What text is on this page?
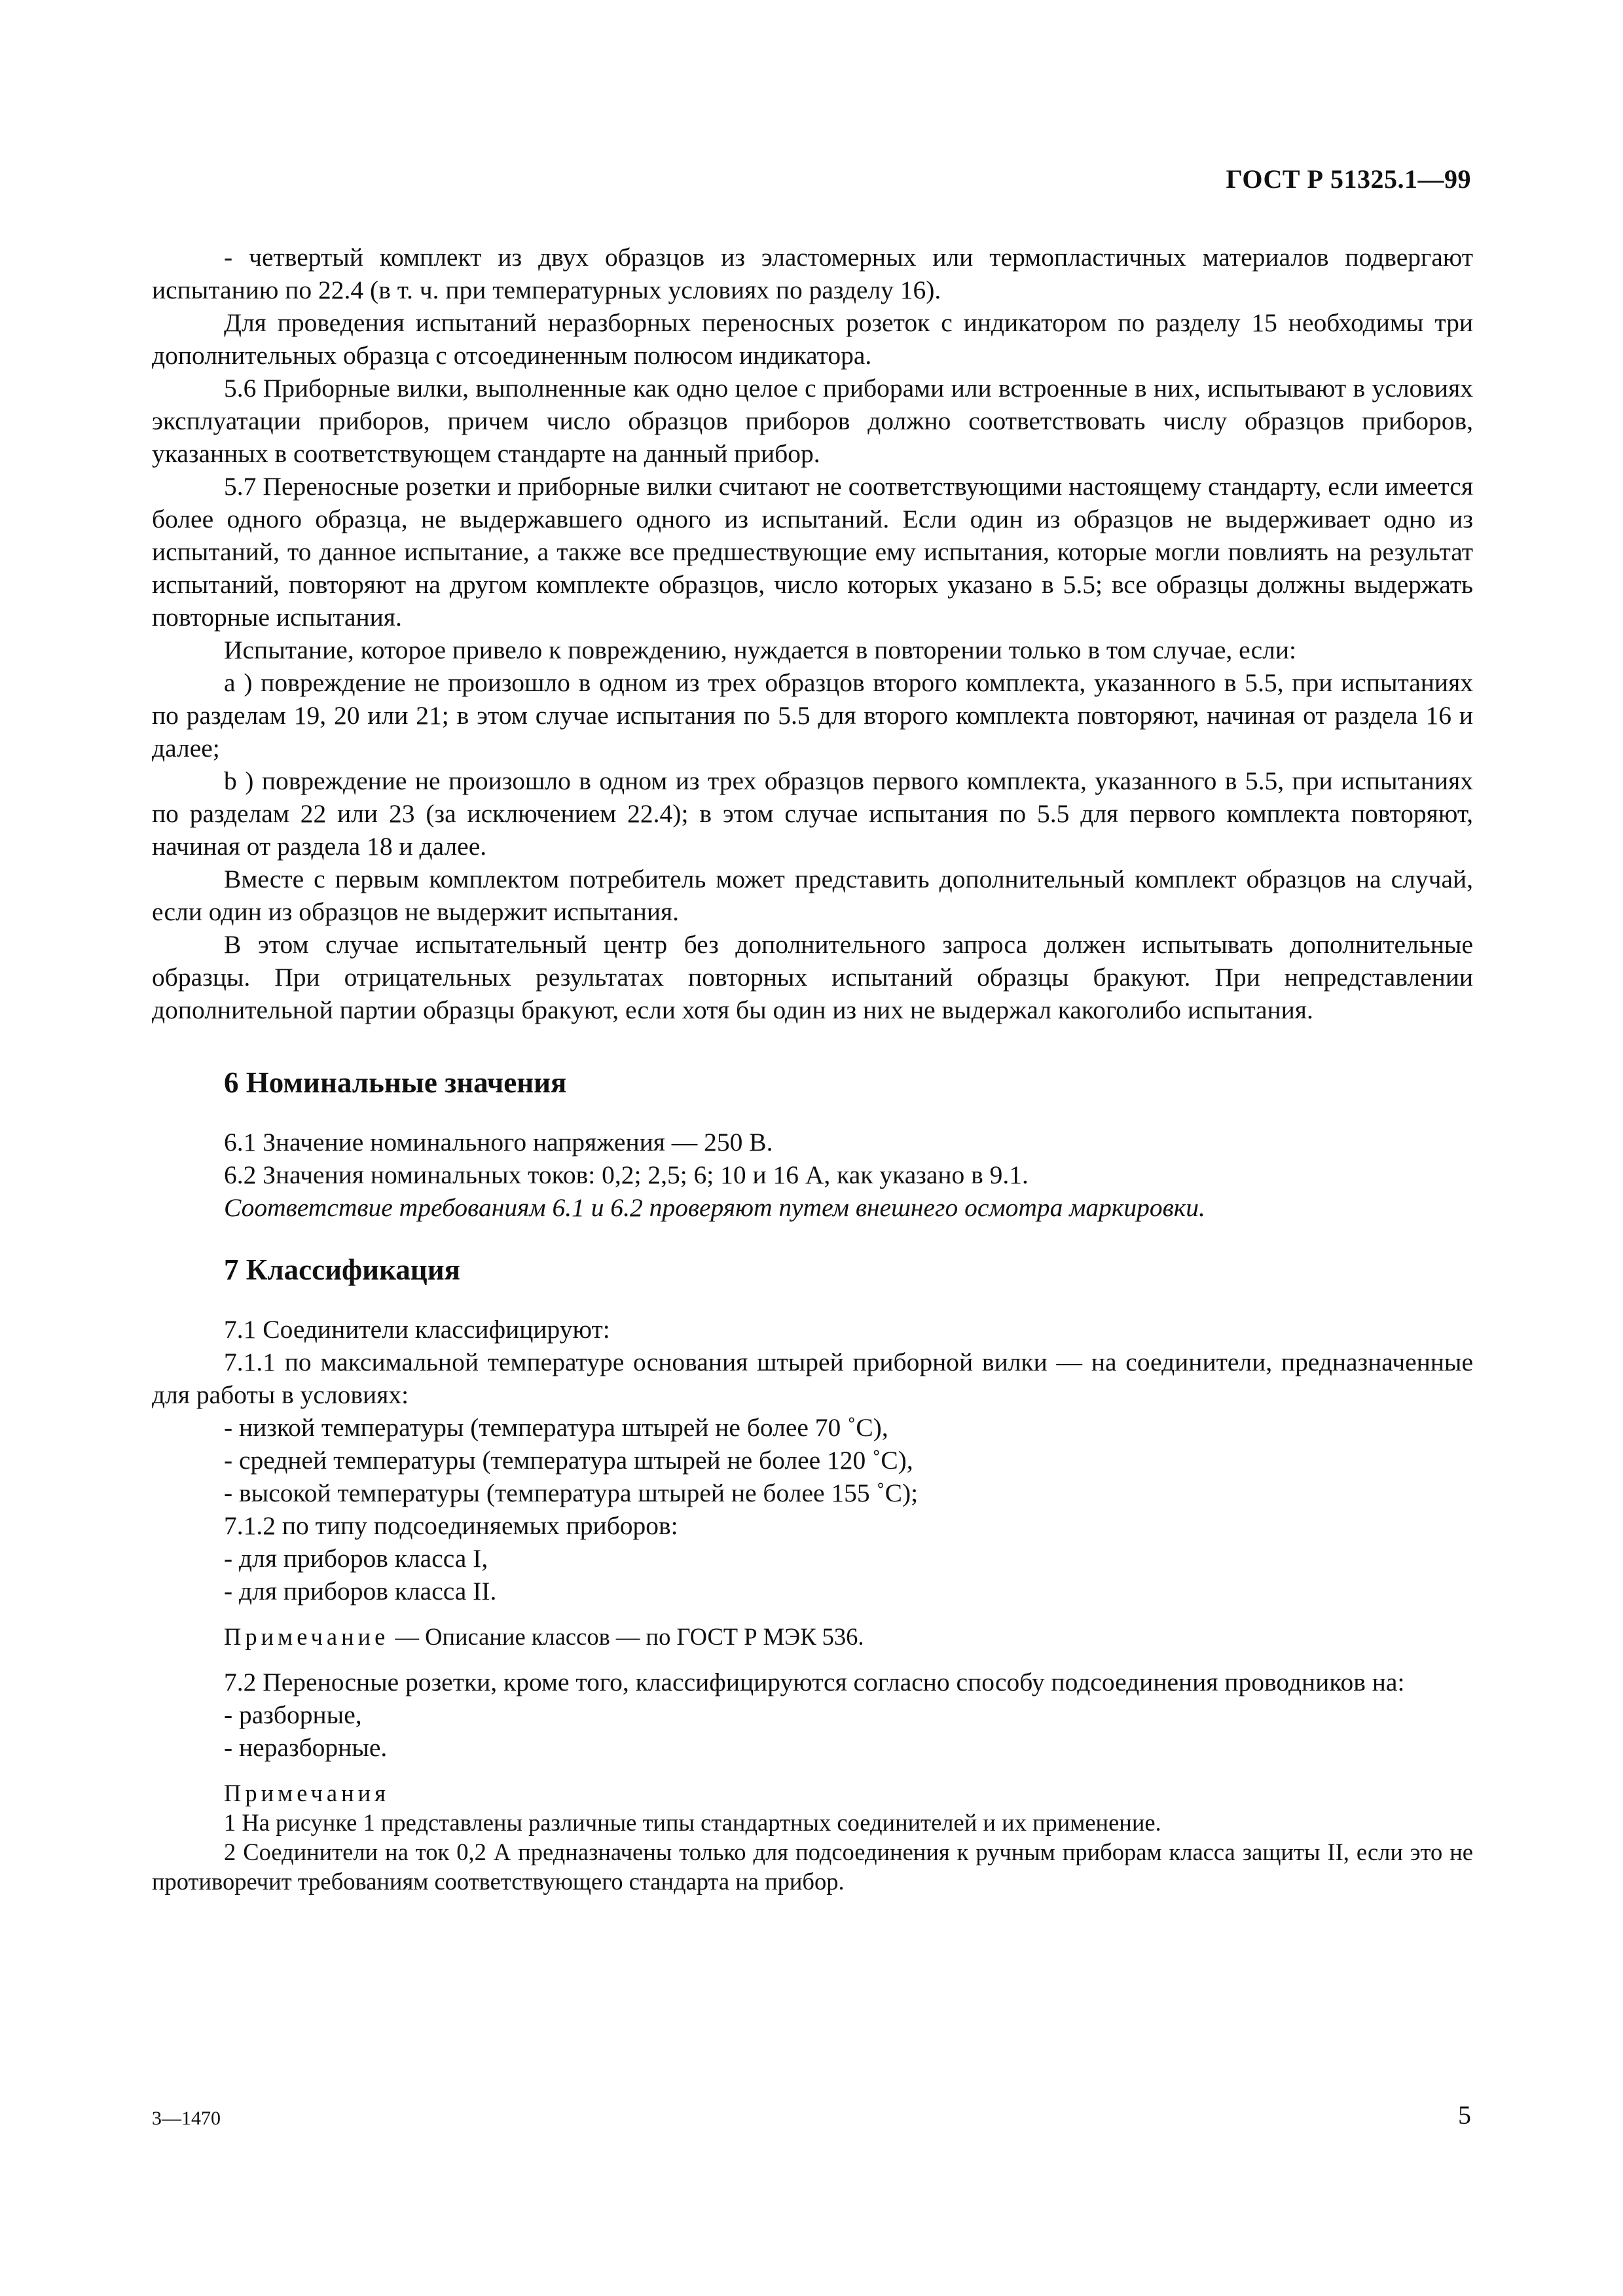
ГОСТ Р 51325.1—99

- четвертый комплект из двух образцов из эластомерных или термопластичных материалов подвергают испытанию по 22.4 (в т. ч. при температурных условиях по разделу 16).

Для проведения испытаний неразборных переносных розеток с индикатором по разделу 15 необходимы три дополнительных образца с отсоединенным полюсом индикатора.

5.6 Приборные вилки, выполненные как одно целое с приборами или встроенные в них, испытывают в условиях эксплуатации приборов, причем число образцов приборов должно соответствовать числу образцов приборов, указанных в соответствующем стандарте на данный прибор.

5.7 Переносные розетки и приборные вилки считают не соответствующими настоящему стандарту, если имеется более одного образца, не выдержавшего одного из испытаний. Если один из образцов не выдерживает одно из испытаний, то данное испытание, а также все предшествующие ему испытания, которые могли повлиять на результат испытаний, повторяют на другом комплекте образцов, число которых указано в 5.5; все образцы должны выдержать повторные испытания.

Испытание, которое привело к повреждению, нуждается в повторении только в том случае, если:

а ) повреждение не произошло в одном из трех образцов второго комплекта, указанного в 5.5, при испытаниях по разделам 19, 20 или 21; в этом случае испытания по 5.5 для второго комплекта повторяют, начиная от раздела 16 и далее;

b ) повреждение не произошло в одном из трех образцов первого комплекта, указанного в 5.5, при испытаниях по разделам 22 или 23 (за исключением 22.4); в этом случае испытания по 5.5 для первого комплекта повторяют, начиная от раздела 18 и далее.

Вместе с первым комплектом потребитель может представить дополнительный комплект образцов на случай, если один из образцов не выдержит испытания.

В этом случае испытательный центр без дополнительного запроса должен испытывать дополнительные образцы. При отрицательных результатах повторных испытаний образцы бракуют. При непредставлении дополнительной партии образцы бракуют, если хотя бы один из них не выдержал какоголибо испытания.

6 Номинальные значения

6.1 Значение номинального напряжения — 250 В.

6.2 Значения номинальных токов: 0,2; 2,5; 6; 10 и 16 А, как указано в 9.1.

Соответствие требованиям 6.1 и 6.2 проверяют путем внешнего осмотра маркировки.

7 Классификация

7.1 Соединители классифицируют:

7.1.1 по максимальной температуре основания штырей приборной вилки — на соединители, предназначенные для работы в условиях:

- низкой температуры (температура штырей не более 70 ˚С),

- средней температуры (температура штырей не более 120 ˚С),

- высокой температуры (температура штырей не более 155 ˚С);

7.1.2 по типу подсоединяемых приборов:

- для приборов класса I,

- для приборов класса II.

Примечание — Описание классов — по ГОСТ Р МЭК 536.

7.2 Переносные розетки, кроме того, классифицируются согласно способу подсоединения проводников на:

- разборные,

- неразборные.

Примечания

1 На рисунке 1 представлены различные типы стандартных соединителей и их применение.

2 Соединители на ток 0,2 А предназначены только для подсоединения к ручным приборам класса защиты II, если это не противоречит требованиям соответствующего стандарта на прибор.

3—1470	5
